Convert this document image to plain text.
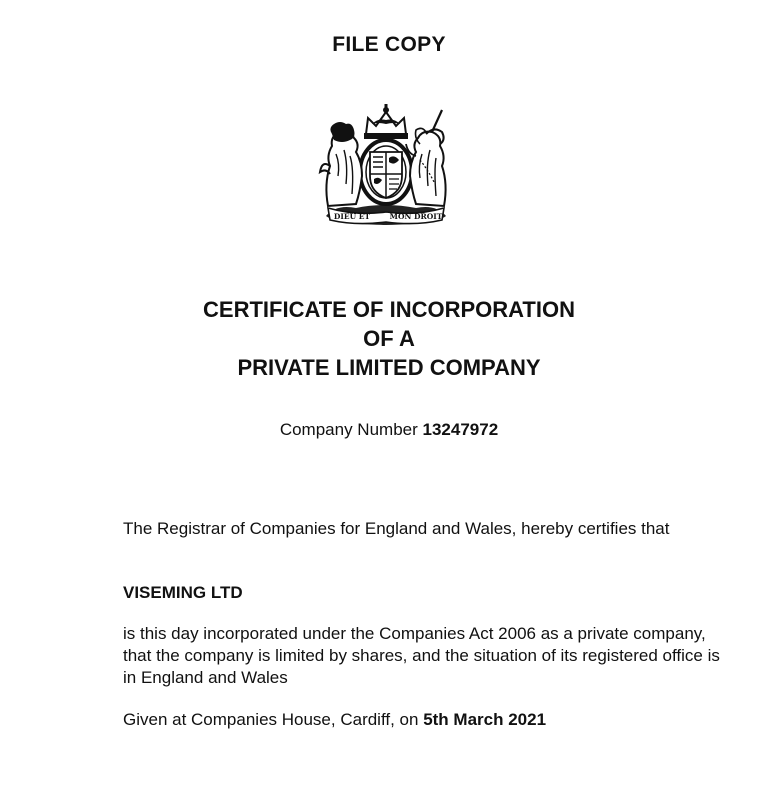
FILE COPY
DIEU ET	MON DROIT
CERTIFICATE OF INCORPORATION
OF A
PRIVATE LIMITED COMPANY
Company Number 13247972
The Registrar of Companies for England and Wales, hereby certifies that
VISEMING LTD
is this day incorporated under the Companies Act 2006 as a private company, that the company is limited by shares, and the situation of its registered office is in England and Wales
Given at Companies House, Cardiff, on 5th March 2021
